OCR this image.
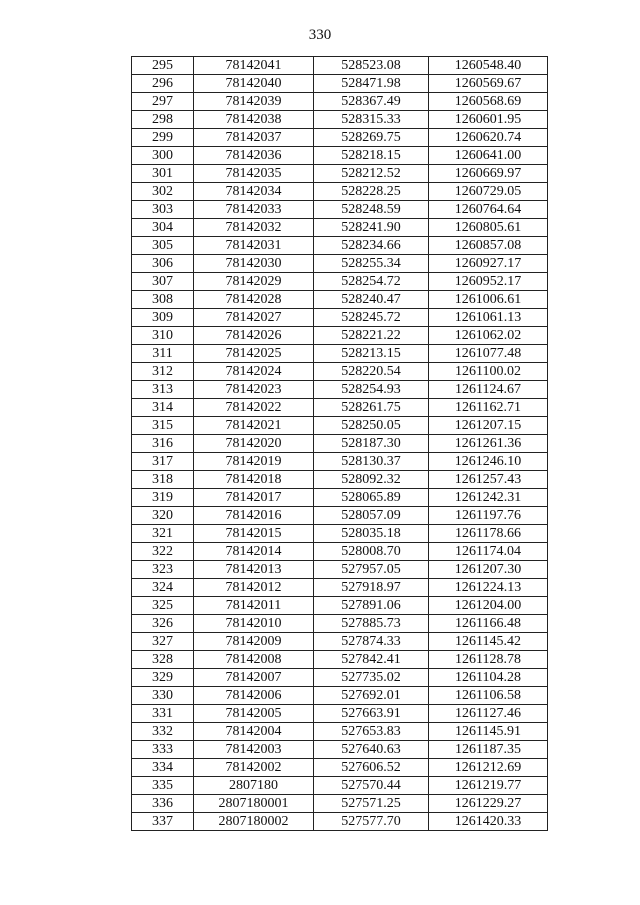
330
295	78142041	528523.08	1260548.40
296	78142040	528471.98	1260569.67
297	78142039	528367.49	1260568.69
298	78142038	528315.33	1260601.95
299	78142037	528269.75	1260620.74
300	78142036	528218.15	1260641.00
301	78142035	528212.52	1260669.97
302	78142034	528228.25	1260729.05
303	78142033	528248.59	1260764.64
304	78142032	528241.90	1260805.61
305	78142031	528234.66	1260857.08
306	78142030	528255.34	1260927.17
307	78142029	528254.72	1260952.17
308	78142028	528240.47	1261006.61
309	78142027	528245.72	1261061.13
310	78142026	528221.22	1261062.02
311	78142025	528213.15	1261077.48
312	78142024	528220.54	1261100.02
313	78142023	528254.93	1261124.67
314	78142022	528261.75	1261162.71
315	78142021	528250.05	1261207.15
316	78142020	528187.30	1261261.36
317	78142019	528130.37	1261246.10
318	78142018	528092.32	1261257.43
319	78142017	528065.89	1261242.31
320	78142016	528057.09	1261197.76
321	78142015	528035.18	1261178.66
322	78142014	528008.70	1261174.04
323	78142013	527957.05	1261207.30
324	78142012	527918.97	1261224.13
325	78142011	527891.06	1261204.00
326	78142010	527885.73	1261166.48
327	78142009	527874.33	1261145.42
328	78142008	527842.41	1261128.78
329	78142007	527735.02	1261104.28
330	78142006	527692.01	1261106.58
331	78142005	527663.91	1261127.46
332	78142004	527653.83	1261145.91
333	78142003	527640.63	1261187.35
334	78142002	527606.52	1261212.69
335	2807180	527570.44	1261219.77
336	2807180001	527571.25	1261229.27
337	2807180002	527577.70	1261420.33
